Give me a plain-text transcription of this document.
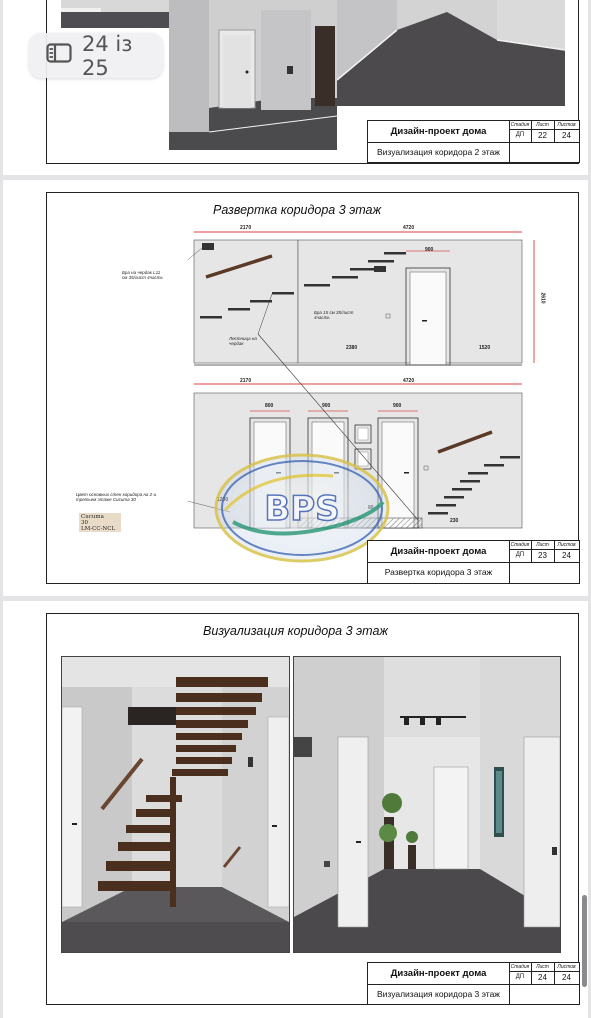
24 із 25
Дизайн-проект дома
Визуализация коридора 2 этаж
Стадия	Лист	Листов
ДП	22	24
Развертка коридора 3 этаж
2170	4720
900
2610
2380	1520
2170	4720
800	900	900
230
Бра на чердак L11
см 35/лист 4часть
Бра 15 см 35/лист
4часть
Лестница на
чердак
Цвет основных стен коридора на 2-и
третьем этаже Cucuma 30
Cucuma
30
LM-CC-NCL	BPS
Дизайн-проект дома
Развертка коридора 3 этаж
Стадия	Лист	Листов
ДП	23	24
Визуализация коридора 3 этаж
Дизайн-проект дома
Визуализация коридора 3 этаж
Стадия	Лист	Листов
ДП	24	24
